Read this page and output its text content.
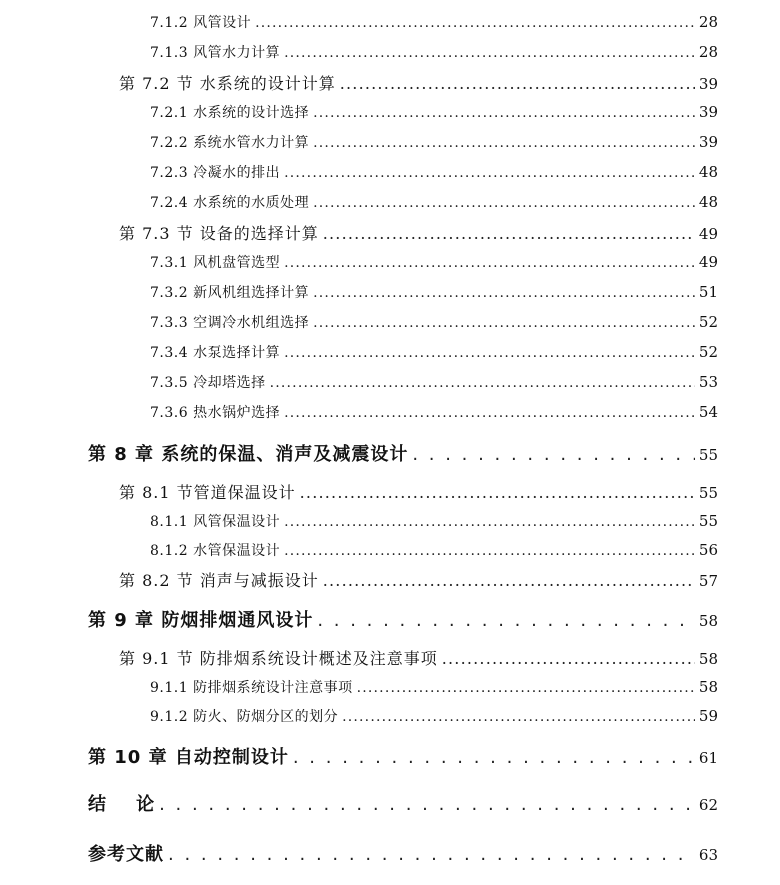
7.1.2 风管设计 .....	28
7.1.3 风管水力计算 .....	28
第 7.2 节 水系统的设计计算 .....	39
7.2.1 水系统的设计选择 .....	39
7.2.2 系统水管水力计算 .....	39
7.2.3 冷凝水的排出 .....	48
7.2.4 水系统的水质处理 .....	48
第 7.3 节 设备的选择计算 .....	49
7.3.1 风机盘管选型 .....	49
7.3.2 新风机组选择计算 .....	51
7.3.3 空调冷水机组选择 .....	52
7.3.4 水泵选择计算 .....	52
7.3.5 冷却塔选择 .....	53
7.3.6 热水锅炉选择 .....	54
第 8 章 系统的保温、消声及减震设计 . . .	55
第 8.1 节管道保温设计 .....	55
8.1.1 风管保温设计 .....	55
8.1.2 水管保温设计 .....	56
第 8.2 节 消声与减振设计 .....	57
第 9 章 防烟排烟通风设计 . . .	58
第 9.1 节 防排烟系统设计概述及注意事项 .....	58
9.1.1 防排烟系统设计注意事项 .....	58
9.1.2 防火、防烟分区的划分 .....	59
第 10 章 自动控制设计 . . .	61
结    论 . . .	62
参考文献 . . .	63
